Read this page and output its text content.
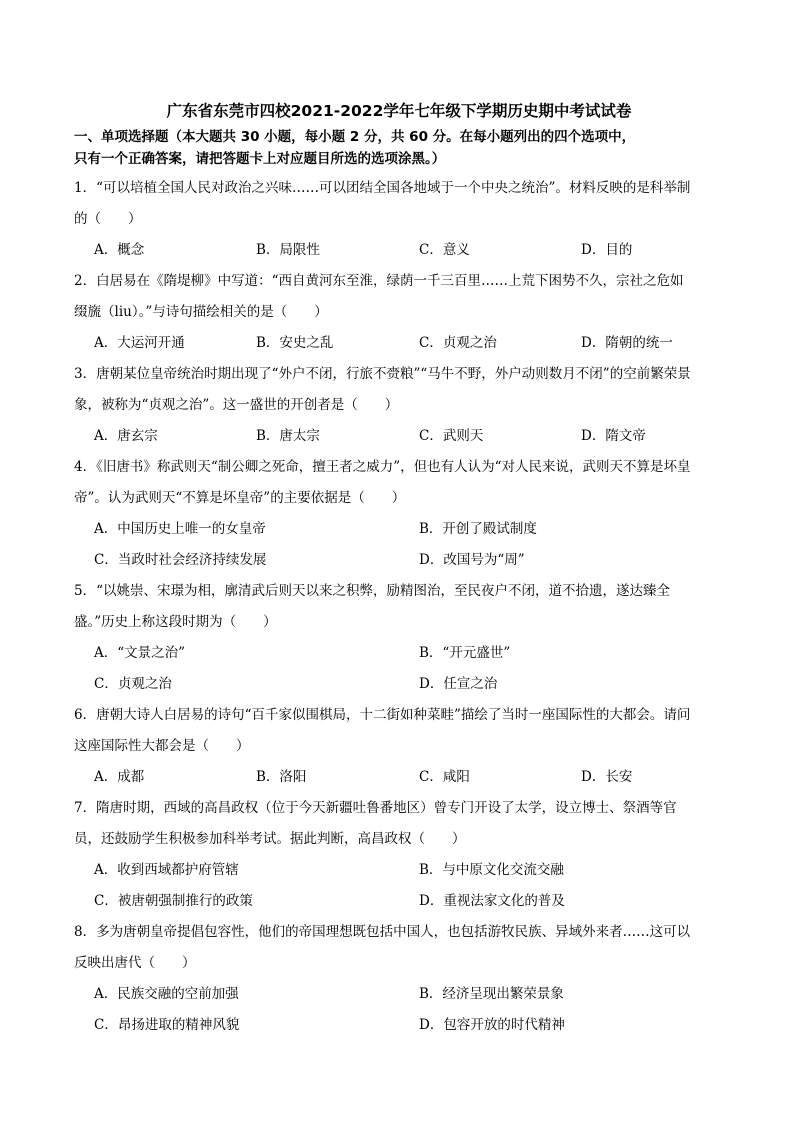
广东省东莞市四校2021-2022学年七年级下学期历史期中考试试卷
一、单项选择题（本大题共 30 小题，每小题 2 分，共 60 分。在每小题列出的四个选项中，
只有一个正确答案，请把答题卡上对应题目所选的选项涂黑。）
1．“可以培植全国人民对政治之兴味……可以团结全国各地域于一个中央之统治”。材料反映的是科举制
的（　　）
A．概念	B．局限性	C．意义	D．目的
2．白居易在《隋堤柳》中写道：“西自黄河东至淮，绿荫一千三百里……上荒下困势不久，宗社之危如
缀旒（liu）。”与诗句描绘相关的是（　　）
A．大运河开通	B．安史之乱	C．贞观之治	D．隋朝的统一
3．唐朝某位皇帝统治时期出现了“外户不闭，行旅不赍粮”“马牛不野，外户动则数月不闭”的空前繁荣景
象，被称为“贞观之治”。这一盛世的开创者是（　　）
A．唐玄宗	B．唐太宗	C．武则天	D．隋文帝
4．《旧唐书》称武则天“制公卿之死命，擅王者之威力”，但也有人认为“对人民来说，武则天不算是坏皇
帝”。认为武则天“不算是坏皇帝”的主要依据是（　　）
A．中国历史上唯一的女皇帝	B．开创了殿试制度
C．当政时社会经济持续发展	D．改国号为“周”
5．“以姚崇、宋璟为相，廓清武后则天以来之积弊，励精图治，至民夜户不闭，道不拾遗，遂达臻全
盛。”历史上称这段时期为（　　）
A．“文景之治”	B．“开元盛世”
C．贞观之治	D．任宣之治
6．唐朝大诗人白居易的诗句“百千家似围棋局，十二街如种菜畦”描绘了当时一座国际性的大都会。请问
这座国际性大都会是（　　）
A．成都	B．洛阳	C．咸阳	D．长安
7．隋唐时期，西域的高昌政权（位于今天新疆吐鲁番地区）曾专门开设了太学，设立博士、祭酒等官
员，还鼓励学生积极参加科举考试。据此判断，高昌政权（　　）
A．收到西域都护府管辖	B．与中原文化交流交融
C．被唐朝强制推行的政策	D．重视法家文化的普及
8．多为唐朝皇帝提倡包容性，他们的帝国理想既包括中国人，也包括游牧民族、异域外来者……这可以
反映出唐代（　　）
A．民族交融的空前加强	B．经济呈现出繁荣景象
C．昂扬进取的精神风貌	D．包容开放的时代精神
